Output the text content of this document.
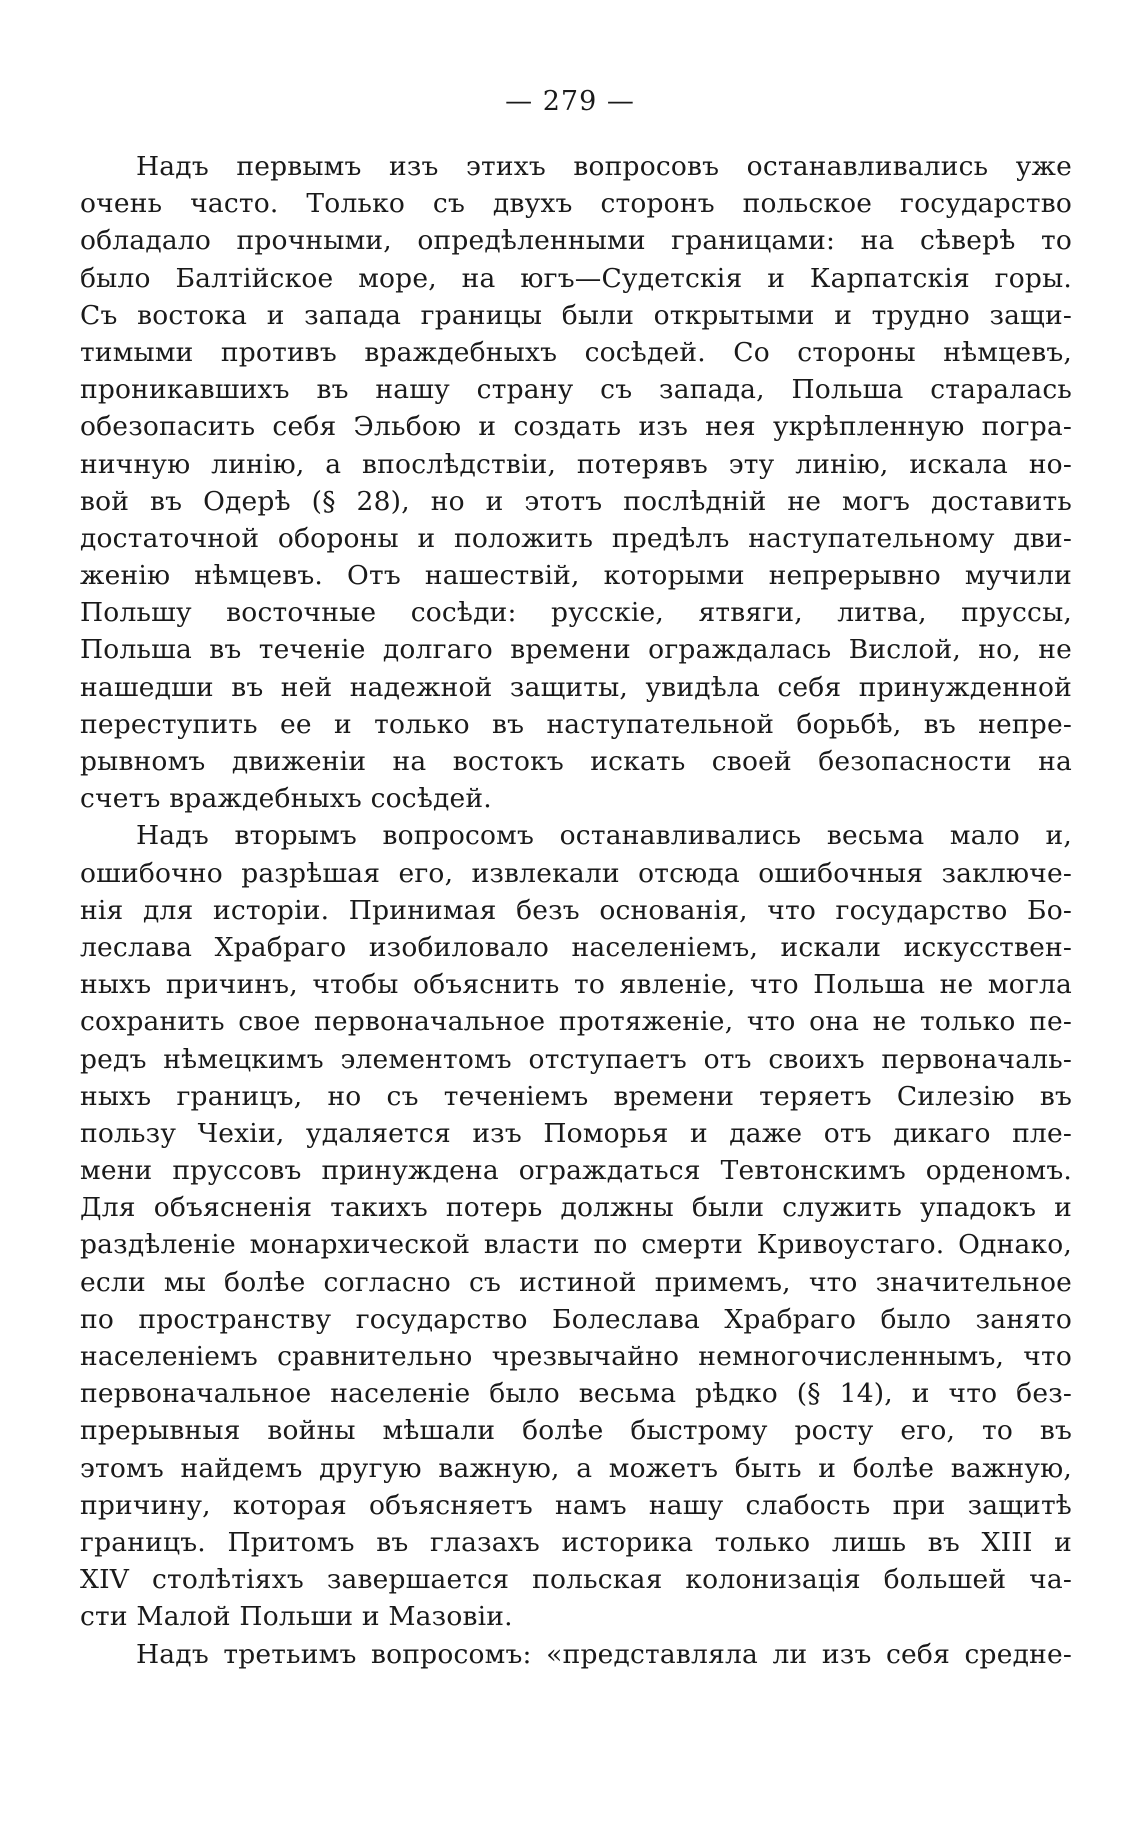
— 279 —
Надъ первымъ изъ этихъ вопросовъ останавливались уже
очень часто. Только съ двухъ сторонъ польское государство
обладало прочными, опредѣленными границами: на сѣверѣ то
было Балтійское море, на югъ—Судетскія и Карпатскія горы.
Съ востока и запада границы были открытыми и трудно защи-
тимыми противъ враждебныхъ сосѣдей. Со стороны нѣмцевъ,
проникавшихъ въ нашу страну съ запада, Польша старалась
обезопасить себя Эльбою и создать изъ нея укрѣпленную погра-
ничную линію, а впослѣдствіи, потерявъ эту линію, искала но-
вой въ Одерѣ (§ 28), но и этотъ послѣдній не могъ доставить
достаточной обороны и положить предѣлъ наступательному дви-
женію нѣмцевъ. Отъ нашествій, которыми непрерывно мучили
Польшу восточные сосѣди: русскіе, ятвяги, литва, пруссы,
Польша въ теченіе долгаго времени ограждалась Вислой, но, не
нашедши въ ней надежной защиты, увидѣла себя принужденной
переступить ее и только въ наступательной борьбѣ, въ непре-
рывномъ движеніи на востокъ искать своей безопасности на
счетъ враждебныхъ сосѣдей.
Надъ вторымъ вопросомъ останавливались весьма мало и,
ошибочно разрѣшая его, извлекали отсюда ошибочныя заключе-
нія для исторіи. Принимая безъ основанія, что государство Бо-
леслава Храбраго изобиловало населеніемъ, искали искусствен-
ныхъ причинъ, чтобы объяснить то явленіе, что Польша не могла
сохранить свое первоначальное протяженіе, что она не только пе-
редъ нѣмецкимъ элементомъ отступаетъ отъ своихъ первоначаль-
ныхъ границъ, но съ теченіемъ времени теряетъ Силезію въ
пользу Чехіи, удаляется изъ Поморья и даже отъ дикаго пле-
мени пруссовъ принуждена ограждаться Тевтонскимъ орденомъ.
Для объясненія такихъ потерь должны были служить упадокъ и
раздѣленіе монархической власти по смерти Кривоустаго. Однако,
если мы болѣе согласно съ истиной примемъ, что значительное
по пространству государство Болеслава Храбраго было занято
населеніемъ сравнительно чрезвычайно немногочисленнымъ, что
первоначальное населеніе было весьма рѣдко (§ 14), и что без-
прерывныя войны мѣшали болѣе быстрому росту его, то въ
этомъ найдемъ другую важную, а можетъ быть и болѣе важную,
причину, которая объясняетъ намъ нашу слабость при защитѣ
границъ. Притомъ въ глазахъ историка только лишь въ XIII и
XIV столѣтіяхъ завершается польская колонизація большей ча-
сти Малой Польши и Мазовіи.
Надъ третьимъ вопросомъ: «представляла ли изъ себя средне-
